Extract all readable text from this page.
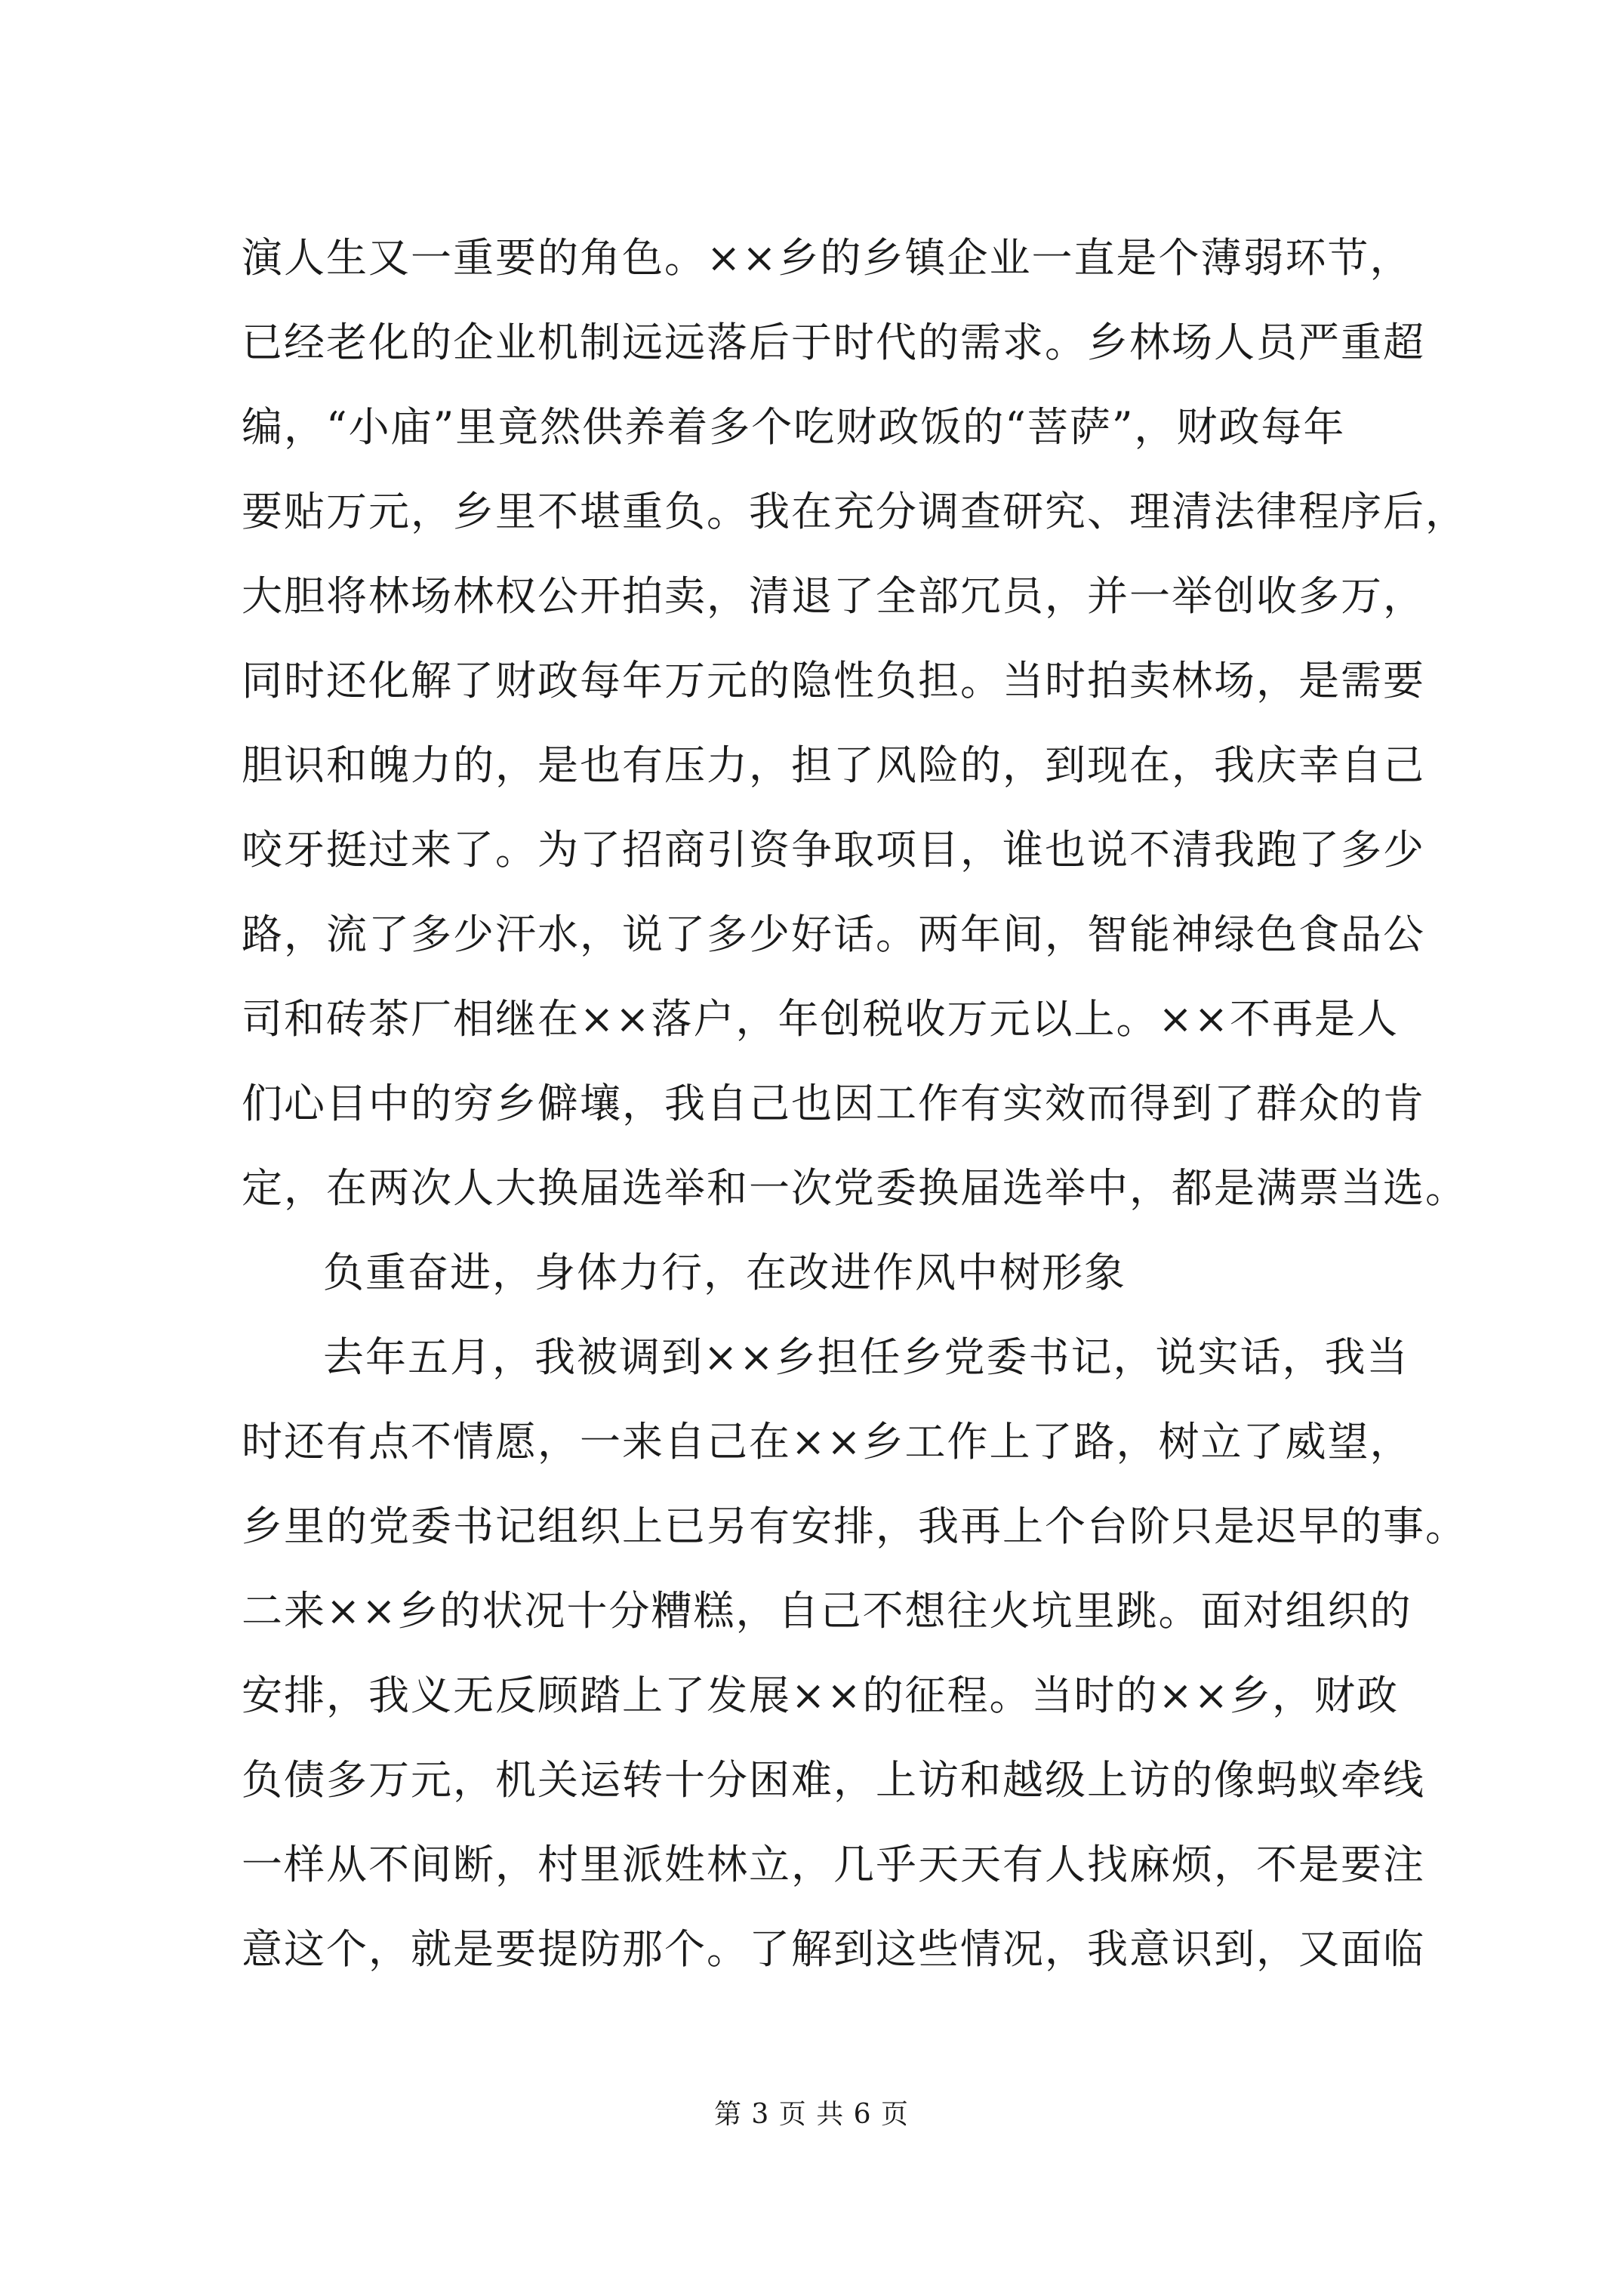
演人生又一重要的角色。××乡的乡镇企业一直是个薄弱环节，
已经老化的企业机制远远落后于时代的需求。乡林场人员严重超
编，“小庙”里竟然供养着多个吃财政饭的“菩萨”，财政每年
要贴万元，乡里不堪重负。我在充分调查研究、理清法律程序后，
大胆将林场林权公开拍卖，清退了全部冗员，并一举创收多万，
同时还化解了财政每年万元的隐性负担。当时拍卖林场，是需要
胆识和魄力的，是也有压力，担了风险的，到现在，我庆幸自己
咬牙挺过来了。为了招商引资争取项目，谁也说不清我跑了多少
路，流了多少汗水，说了多少好话。两年间，智能神绿色食品公
司和砖茶厂相继在××落户，年创税收万元以上。××不再是人
们心目中的穷乡僻壤，我自己也因工作有实效而得到了群众的肯
定，在两次人大换届选举和一次党委换届选举中，都是满票当选。
负重奋进，身体力行，在改进作风中树形象
去年五月，我被调到××乡担任乡党委书记，说实话，我当
时还有点不情愿，一来自己在××乡工作上了路，树立了威望，
乡里的党委书记组织上已另有安排，我再上个台阶只是迟早的事。
二来××乡的状况十分糟糕，自己不想往火坑里跳。面对组织的
安排，我义无反顾踏上了发展××的征程。当时的××乡，财政
负债多万元，机关运转十分困难，上访和越级上访的像蚂蚁牵线
一样从不间断，村里派姓林立，几乎天天有人找麻烦，不是要注
意这个，就是要提防那个。了解到这些情况，我意识到，又面临
第 3 页 共 6 页
